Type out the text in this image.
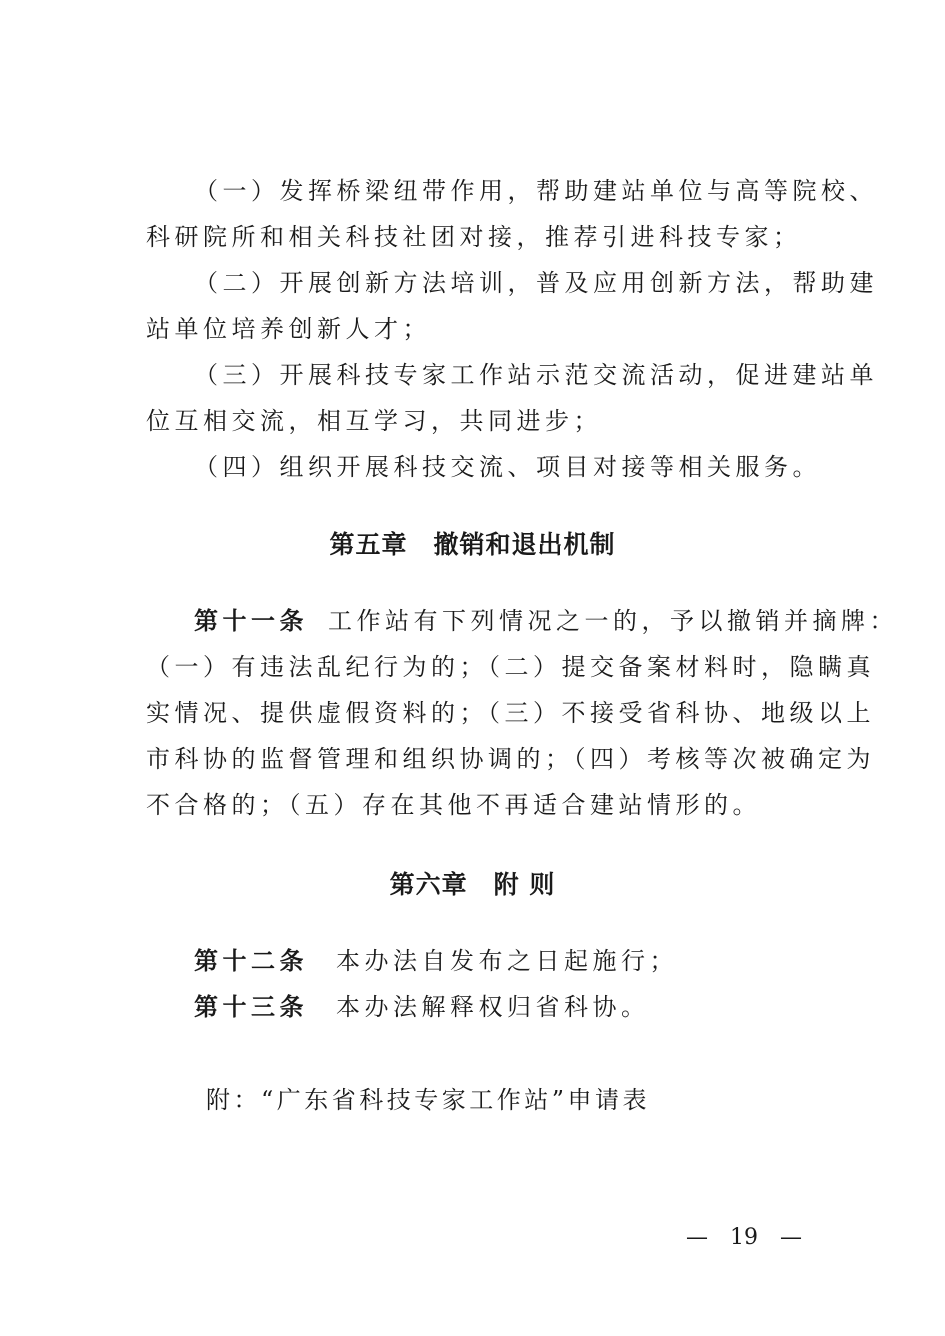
（一）发挥桥梁纽带作用，帮助建站单位与高等院校、
科研院所和相关科技社团对接，推荐引进科技专家；
（二）开展创新方法培训，普及应用创新方法，帮助建
站单位培养创新人才；
（三）开展科技专家工作站示范交流活动，促进建站单
位互相交流，相互学习，共同进步；
（四）组织开展科技交流、项目对接等相关服务。
第五章 撤销和退出机制
第十一条 工作站有下列情况之一的，予以撤销并摘牌：
（一）有违法乱纪行为的；（二）提交备案材料时，隐瞒真
实情况、提供虚假资料的；（三）不接受省科协、地级以上
市科协的监督管理和组织协调的；（四）考核等次被确定为
不合格的；（五）存在其他不再适合建站情形的。
第六章 附 则
第十二条 本办法自发布之日起施行；
第十三条 本办法解释权归省科协。
附：“广东省科技专家工作站”申请表
— 19 —
